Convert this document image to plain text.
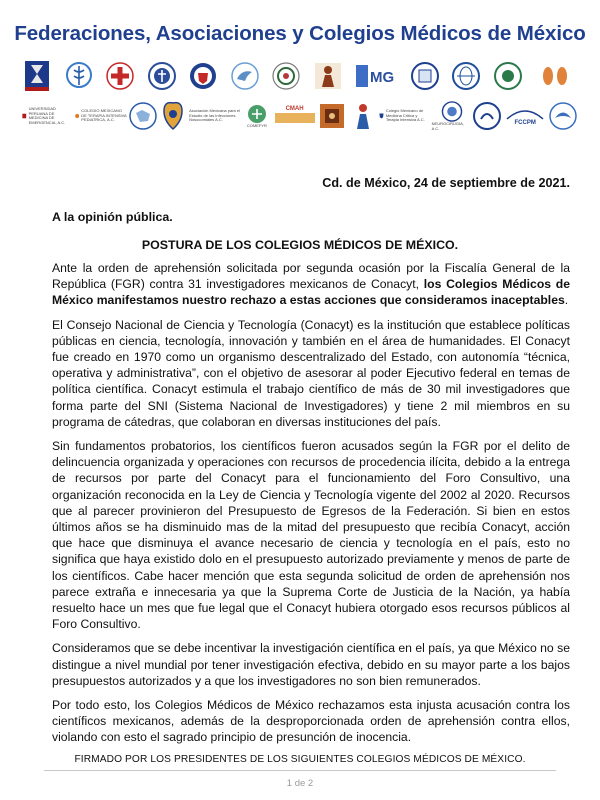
Federaciones, Asociaciones y Colegios Médicos de México
MG
UNIVERSIDAD PERUANA DE MEDICINA DE EMERGENCIA, A.C.
COLEGIO MEXICANO DE TERAPIA INTENSIVA PEDIATRICA, A.C.
Asociación Mexicana para el Estudio de las Infecciones Nosocomiales A.C.
COMEFYR
CMAH	Colegio Mexicano de Medicina Critica y Terapia Intensiva A.C.
NEUROCIRUGIA, A.C.
FCCPM
Cd. de México, 24 de septiembre de 2021.
A la opinión pública.
POSTURA DE LOS COLEGIOS MÉDICOS DE MÉXICO.

Ante la orden de aprehensión solicitada por segunda ocasión por la Fiscalía General de la República (FGR) contra 31 investigadores mexicanos de Conacyt, los Colegios Médicos de México manifestamos nuestro rechazo a estas acciones que consideramos inaceptables.

El Consejo Nacional de Ciencia y Tecnología (Conacyt) es la institución que establece políticas públicas en ciencia, tecnología, innovación y también en el área de humanidades. El Conacyt fue creado en 1970 como un organismo descentralizado del Estado, con autonomía “técnica, operativa y administrativa”, con el objetivo de asesorar al poder Ejecutivo federal en temas de política científica. Conacyt estimula el trabajo científico de más de 30 mil investigadores que forma parte del SNI (Sistema Nacional de Investigadores) y tiene 2 mil miembros en su programa de cátedras, que colaboran en diversas instituciones del país.

Sin fundamentos probatorios, los científicos fueron acusados según la FGR por el delito de delincuencia organizada y operaciones con recursos de procedencia ilícita, debido a la entrega de recursos por parte del Conacyt para el funcionamiento del Foro Consultivo, una organización reconocida en la Ley de Ciencia y Tecnología vigente del 2002 al 2020. Recursos que al parecer provinieron del Presupuesto de Egresos de la Federación. Si bien en estos últimos años se ha disminuido mas de la mitad del presupuesto que recibía Conacyt, acción que hace que disminuya el avance necesario de ciencia y tecnología en el país, esto no significa que haya existido dolo en el presupuesto autorizado previamente y menos de parte de los científicos. Cabe hacer mención que esta segunda solicitud de orden de aprehensión nos parece extraña e innecesaria ya que la Suprema Corte de Justicia de la Nación, ya había resuelto hace un mes que fue legal que el Conacyt hubiera otorgado esos recursos públicos al Foro Consultivo.

Consideramos que se debe incentivar la investigación científica en el país, ya que México no se distingue a nivel mundial por tener investigación efectiva, debido en su mayor parte a los bajos presupuestos autorizados y a que los investigadores no son bien remunerados.

Por todo esto, los Colegios Médicos de México rechazamos esta injusta acusación contra los científicos mexicanos, además de la desproporcionada orden de aprehensión contra ellos, violando con esto el sagrado principio de presunción de inocencia.

FIRMADO POR LOS PRESIDENTES DE LOS SIGUIENTES COLEGIOS MÉDICOS DE MÉXICO.
1 de 2
